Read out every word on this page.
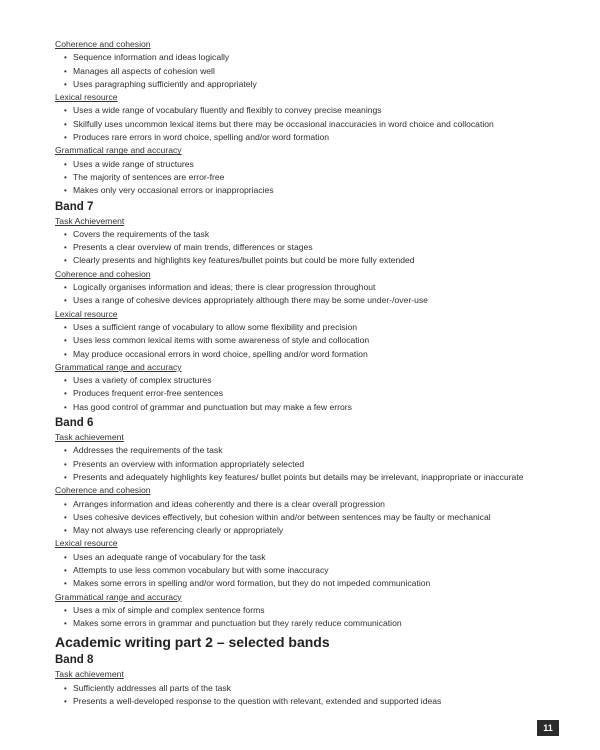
Coherence and cohesion
• Sequence information and ideas logically
• Manages all aspects of cohesion well
• Uses paragraphing sufficiently and appropriately
Lexical resource
• Uses a wide range of vocabulary fluently and flexibly to convey precise meanings
• Skilfully uses uncommon lexical items but there may be occasional inaccuracies in word choice and collocation
• Produces rare errors in word choice, spelling and/or word formation
Grammatical range and accuracy
• Uses a wide range of structures
• The majority of sentences are error-free
• Makes only very occasional errors or inappropriacies
Band 7
Task Achievement
• Covers the requirements of the task
• Presents a clear overview of main trends, differences or stages
• Clearly presents and highlights key features/bullet points but could be more fully extended
Coherence and cohesion
• Logically organises information and ideas; there is clear progression throughout
• Uses a range of cohesive devices appropriately although there may be some under-/over-use
Lexical resource
• Uses a sufficient range of vocabulary to allow some flexibility and precision
• Uses less common lexical items with some awareness of style and collocation
• May produce occasional errors in word choice, spelling and/or word formation
Grammatical range and accuracy
• Uses a variety of complex structures
• Produces frequent error-free sentences
• Has good control of grammar and punctuation but may make a few errors
Band 6
Task achievement
• Addresses the requirements of the task
• Presents an overview with information appropriately selected
• Presents and adequately highlights key features/ bullet points but details may be irrelevant, inappropriate or inaccurate
Coherence and cohesion
• Arranges information and ideas coherently and there is a clear overall progression
• Uses cohesive devices effectively, but cohesion within and/or between sentences may be faulty or mechanical
• May not always use referencing clearly or appropriately
Lexical resource
• Uses an adequate range of vocabulary for the task
• Attempts to use less common vocabulary but with some inaccuracy
• Makes some errors in spelling and/or word formation, but they do not impeded communication
Grammatical range and accuracy
• Uses a mix of simple and complex sentence forms
• Makes some errors in grammar and punctuation but they rarely reduce communication
Academic writing part 2 – selected bands
Band 8
Task achievement
• Sufficiently addresses all parts of the task
• Presents a well-developed response to the question with relevant, extended and supported ideas
11
